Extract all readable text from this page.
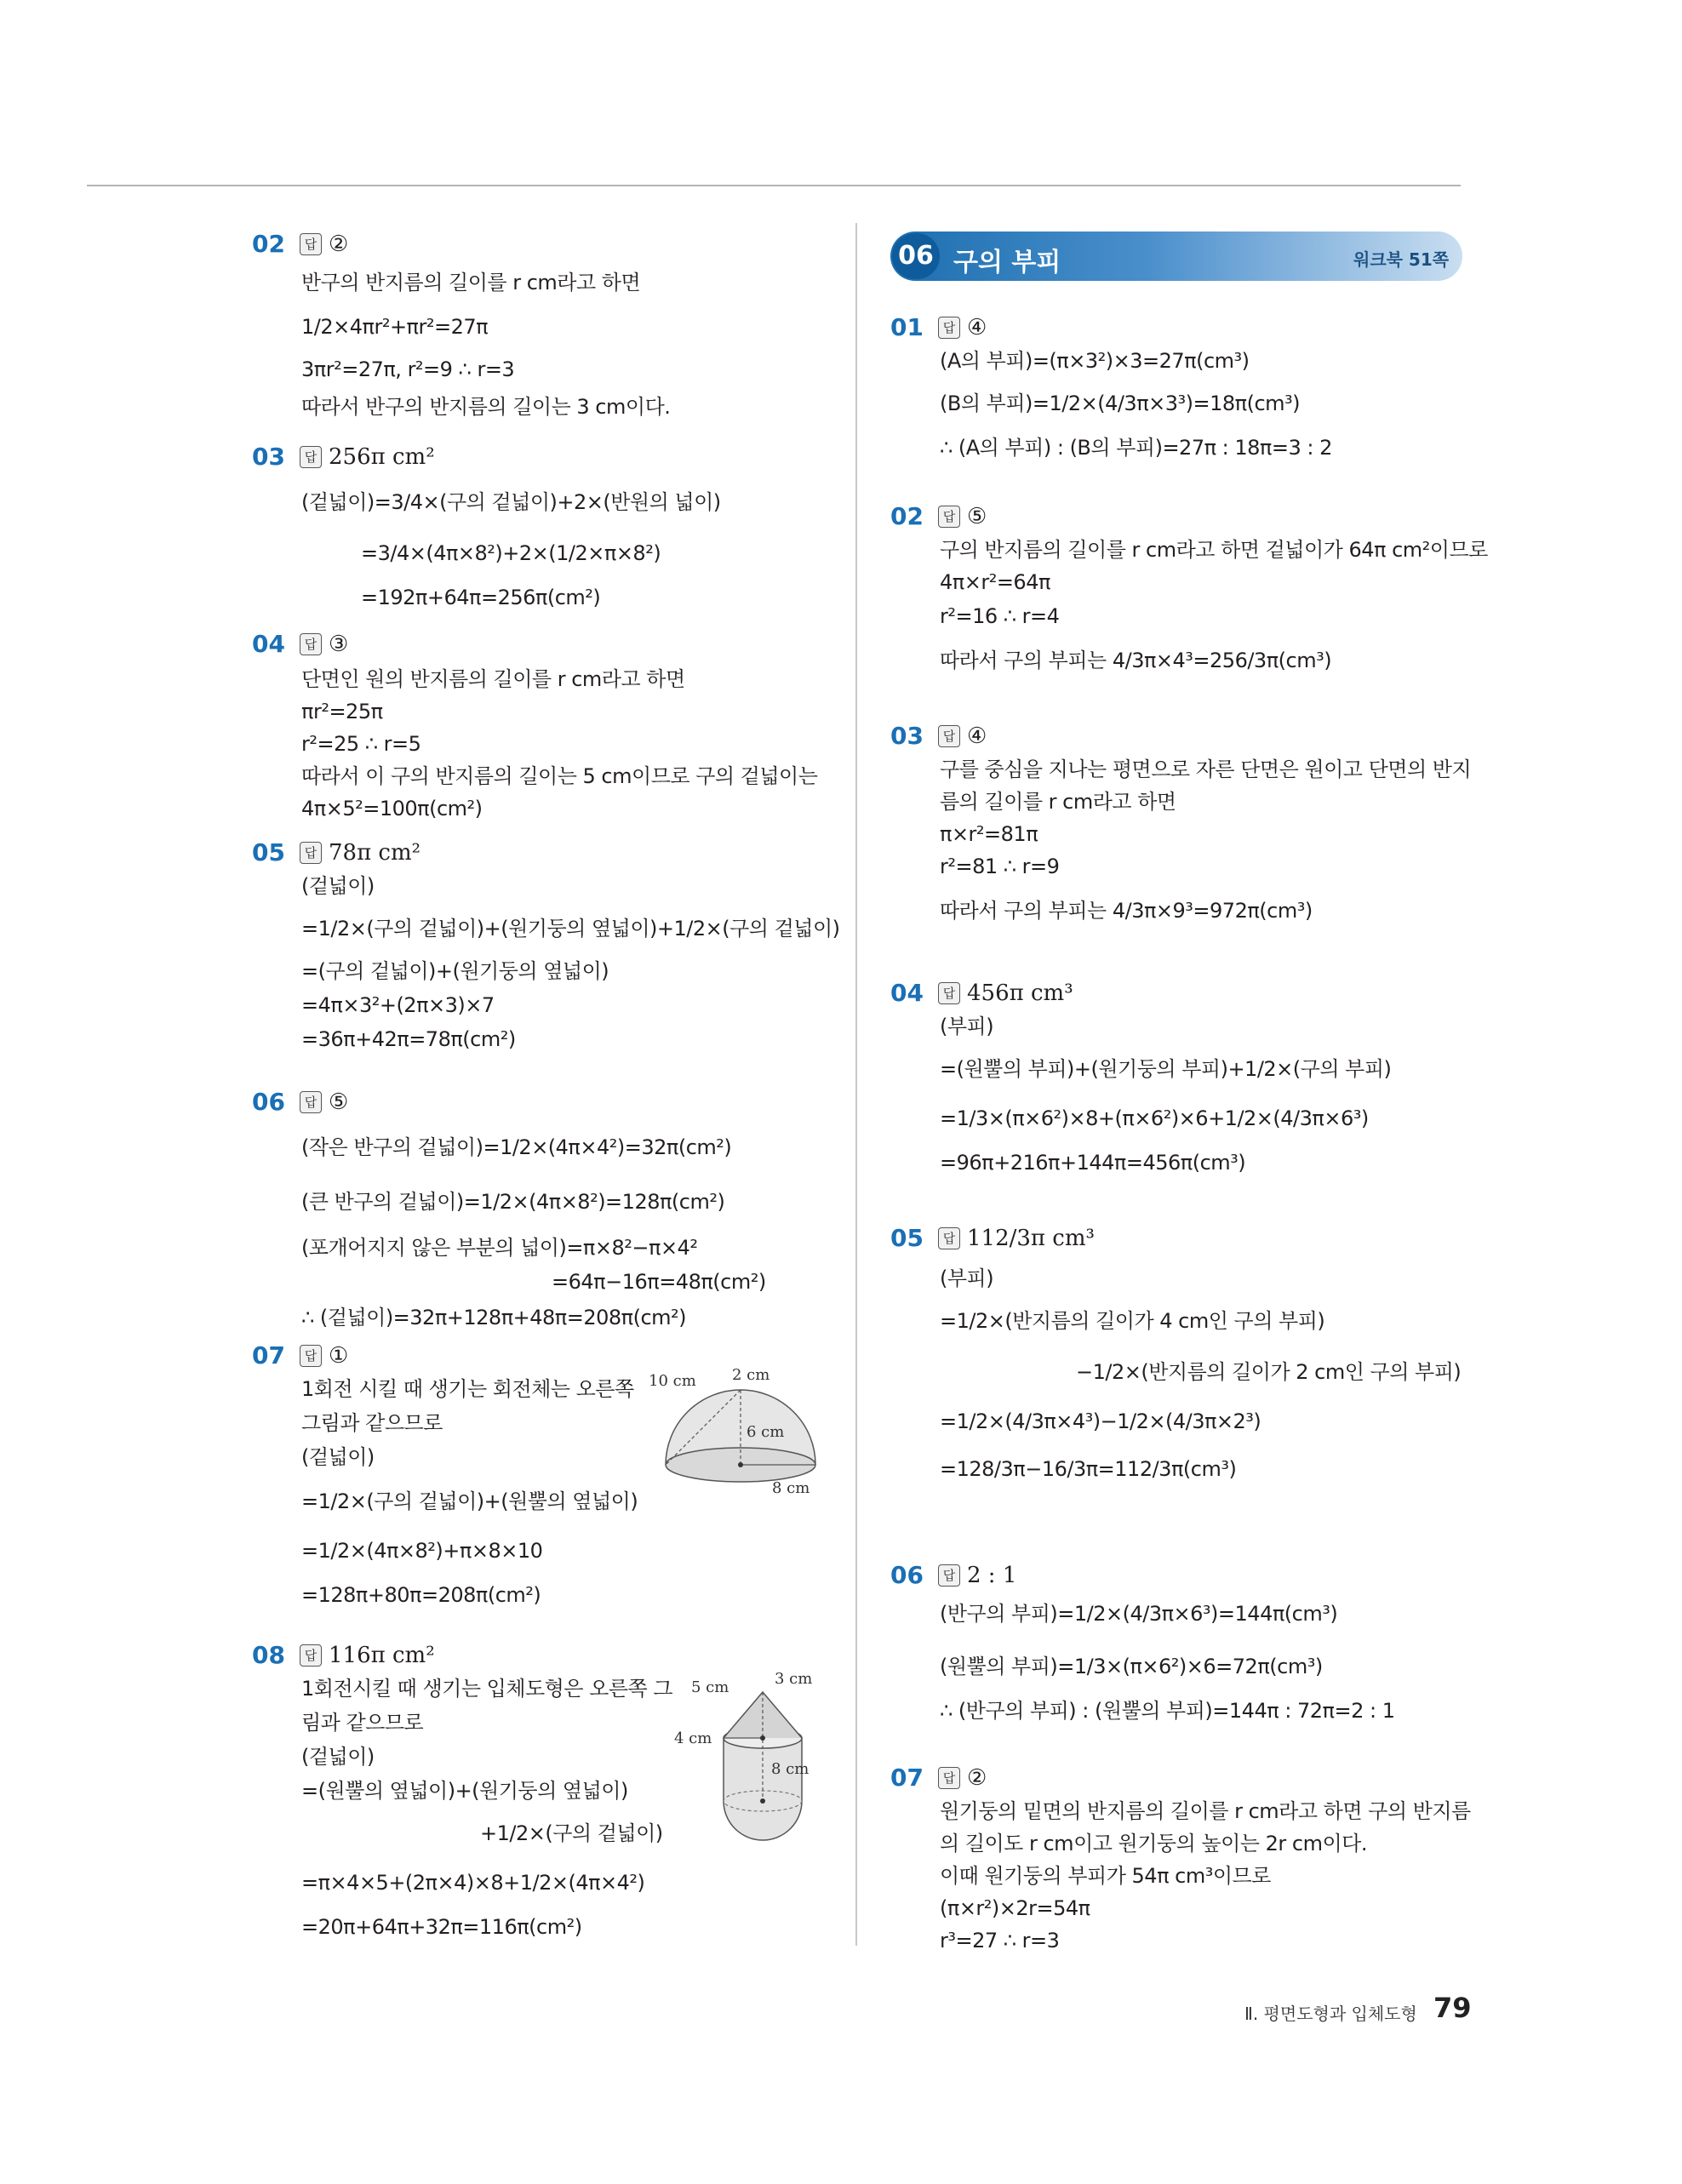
02	답 ②
반구의 반지름의 길이를 r cm라고 하면
1/2×4πr²+πr²=27π
3πr²=27π, r²=9 ∴ r=3
따라서 반구의 반지름의 길이는 3 cm이다.
03	답 256π cm²
(겉넓이)=3/4×(구의 겉넓이)+2×(반원의 넓이)
=3/4×(4π×8²)+2×(1/2×π×8²)
=192π+64π=256π(cm²)
04	답 ③
단면인 원의 반지름의 길이를 r cm라고 하면
πr²=25π
r²=25 ∴ r=5
따라서 이 구의 반지름의 길이는 5 cm이므로 구의 겉넓이는
4π×5²=100π(cm²)
05	답 78π cm²
(겉넓이)
=1/2×(구의 겉넓이)+(원기둥의 옆넓이)+1/2×(구의 겉넓이)
=(구의 겉넓이)+(원기둥의 옆넓이)
=4π×3²+(2π×3)×7
=36π+42π=78π(cm²)
06	답 ⑤
(작은 반구의 겉넓이)=1/2×(4π×4²)=32π(cm²)
(큰 반구의 겉넓이)=1/2×(4π×8²)=128π(cm²)
(포개어지지 않은 부분의 넓이)=π×8²−π×4²
=64π−16π=48π(cm²)
∴ (겉넓이)=32π+128π+48π=208π(cm²)
07	답 ①
1회전 시킬 때 생기는 회전체는 오른쪽
그림과 같으므로
(겉넓이)
=1/2×(구의 겉넓이)+(원뿔의 옆넓이)
=1/2×(4π×8²)+π×8×10
=128π+80π=208π(cm²)
10 cm 2 cm
6 cm
8 cm
08	답 116π cm²
1회전시킬 때 생기는 입체도형은 오른쪽 그
림과 같으므로
(겉넓이)
=(원뿔의 옆넓이)+(원기둥의 옆넓이)
+1/2×(구의 겉넓이)
=π×4×5+(2π×4)×8+1/2×(4π×4²)
=20π+64π+32π=116π(cm²)
5 cm	3 cm
4 cm
8 cm
06 구의 부피	워크북 51쪽
01	답 ④
(A의 부피)=(π×3²)×3=27π(cm³)
(B의 부피)=1/2×(4/3π×3³)=18π(cm³)
∴ (A의 부피) : (B의 부피)=27π : 18π=3 : 2
02	답 ⑤
구의 반지름의 길이를 r cm라고 하면 겉넓이가 64π cm²이므로
4π×r²=64π
r²=16 ∴ r=4
따라서 구의 부피는 4/3π×4³=256/3π(cm³)
03	답 ④
구를 중심을 지나는 평면으로 자른 단면은 원이고 단면의 반지
름의 길이를 r cm라고 하면
π×r²=81π
r²=81 ∴ r=9
따라서 구의 부피는 4/3π×9³=972π(cm³)
04	답 456π cm³
(부피)
=(원뿔의 부피)+(원기둥의 부피)+1/2×(구의 부피)
=1/3×(π×6²)×8+(π×6²)×6+1/2×(4/3π×6³)
=96π+216π+144π=456π(cm³)
05	답 112/3π cm³
(부피)
=1/2×(반지름의 길이가 4 cm인 구의 부피)
−1/2×(반지름의 길이가 2 cm인 구의 부피)
=1/2×(4/3π×4³)−1/2×(4/3π×2³)
=128/3π−16/3π=112/3π(cm³)
06	답 2 : 1
(반구의 부피)=1/2×(4/3π×6³)=144π(cm³)
(원뿔의 부피)=1/3×(π×6²)×6=72π(cm³)
∴ (반구의 부피) : (원뿔의 부피)=144π : 72π=2 : 1
07	답 ②
원기둥의 밑면의 반지름의 길이를 r cm라고 하면 구의 반지름
의 길이도 r cm이고 원기둥의 높이는 2r cm이다.
이때 원기둥의 부피가 54π cm³이므로
(π×r²)×2r=54π
r³=27 ∴ r=3
Ⅱ. 평면도형과 입체도형 79
